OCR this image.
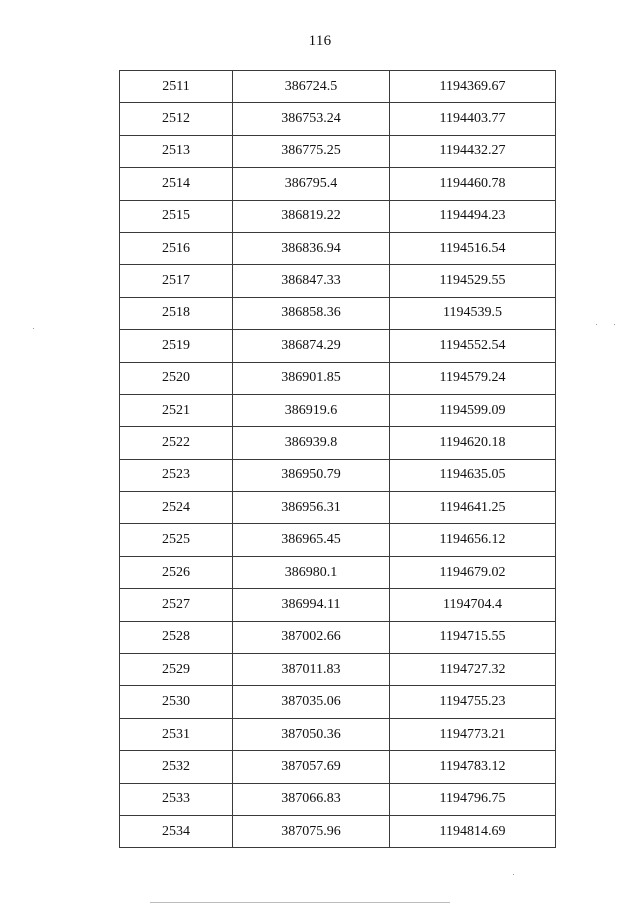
116
2511	386724.5	1194369.67
2512	386753.24	1194403.77
2513	386775.25	1194432.27
2514	386795.4	1194460.78
2515	386819.22	1194494.23
2516	386836.94	1194516.54
2517	386847.33	1194529.55
2518	386858.36	1194539.5
2519	386874.29	1194552.54
2520	386901.85	1194579.24
2521	386919.6	1194599.09
2522	386939.8	1194620.18
2523	386950.79	1194635.05
2524	386956.31	1194641.25
2525	386965.45	1194656.12
2526	386980.1	1194679.02
2527	386994.11	1194704.4
2528	387002.66	1194715.55
2529	387011.83	1194727.32
2530	387035.06	1194755.23
2531	387050.36	1194773.21
2532	387057.69	1194783.12
2533	387066.83	1194796.75
2534	387075.96	1194814.69
